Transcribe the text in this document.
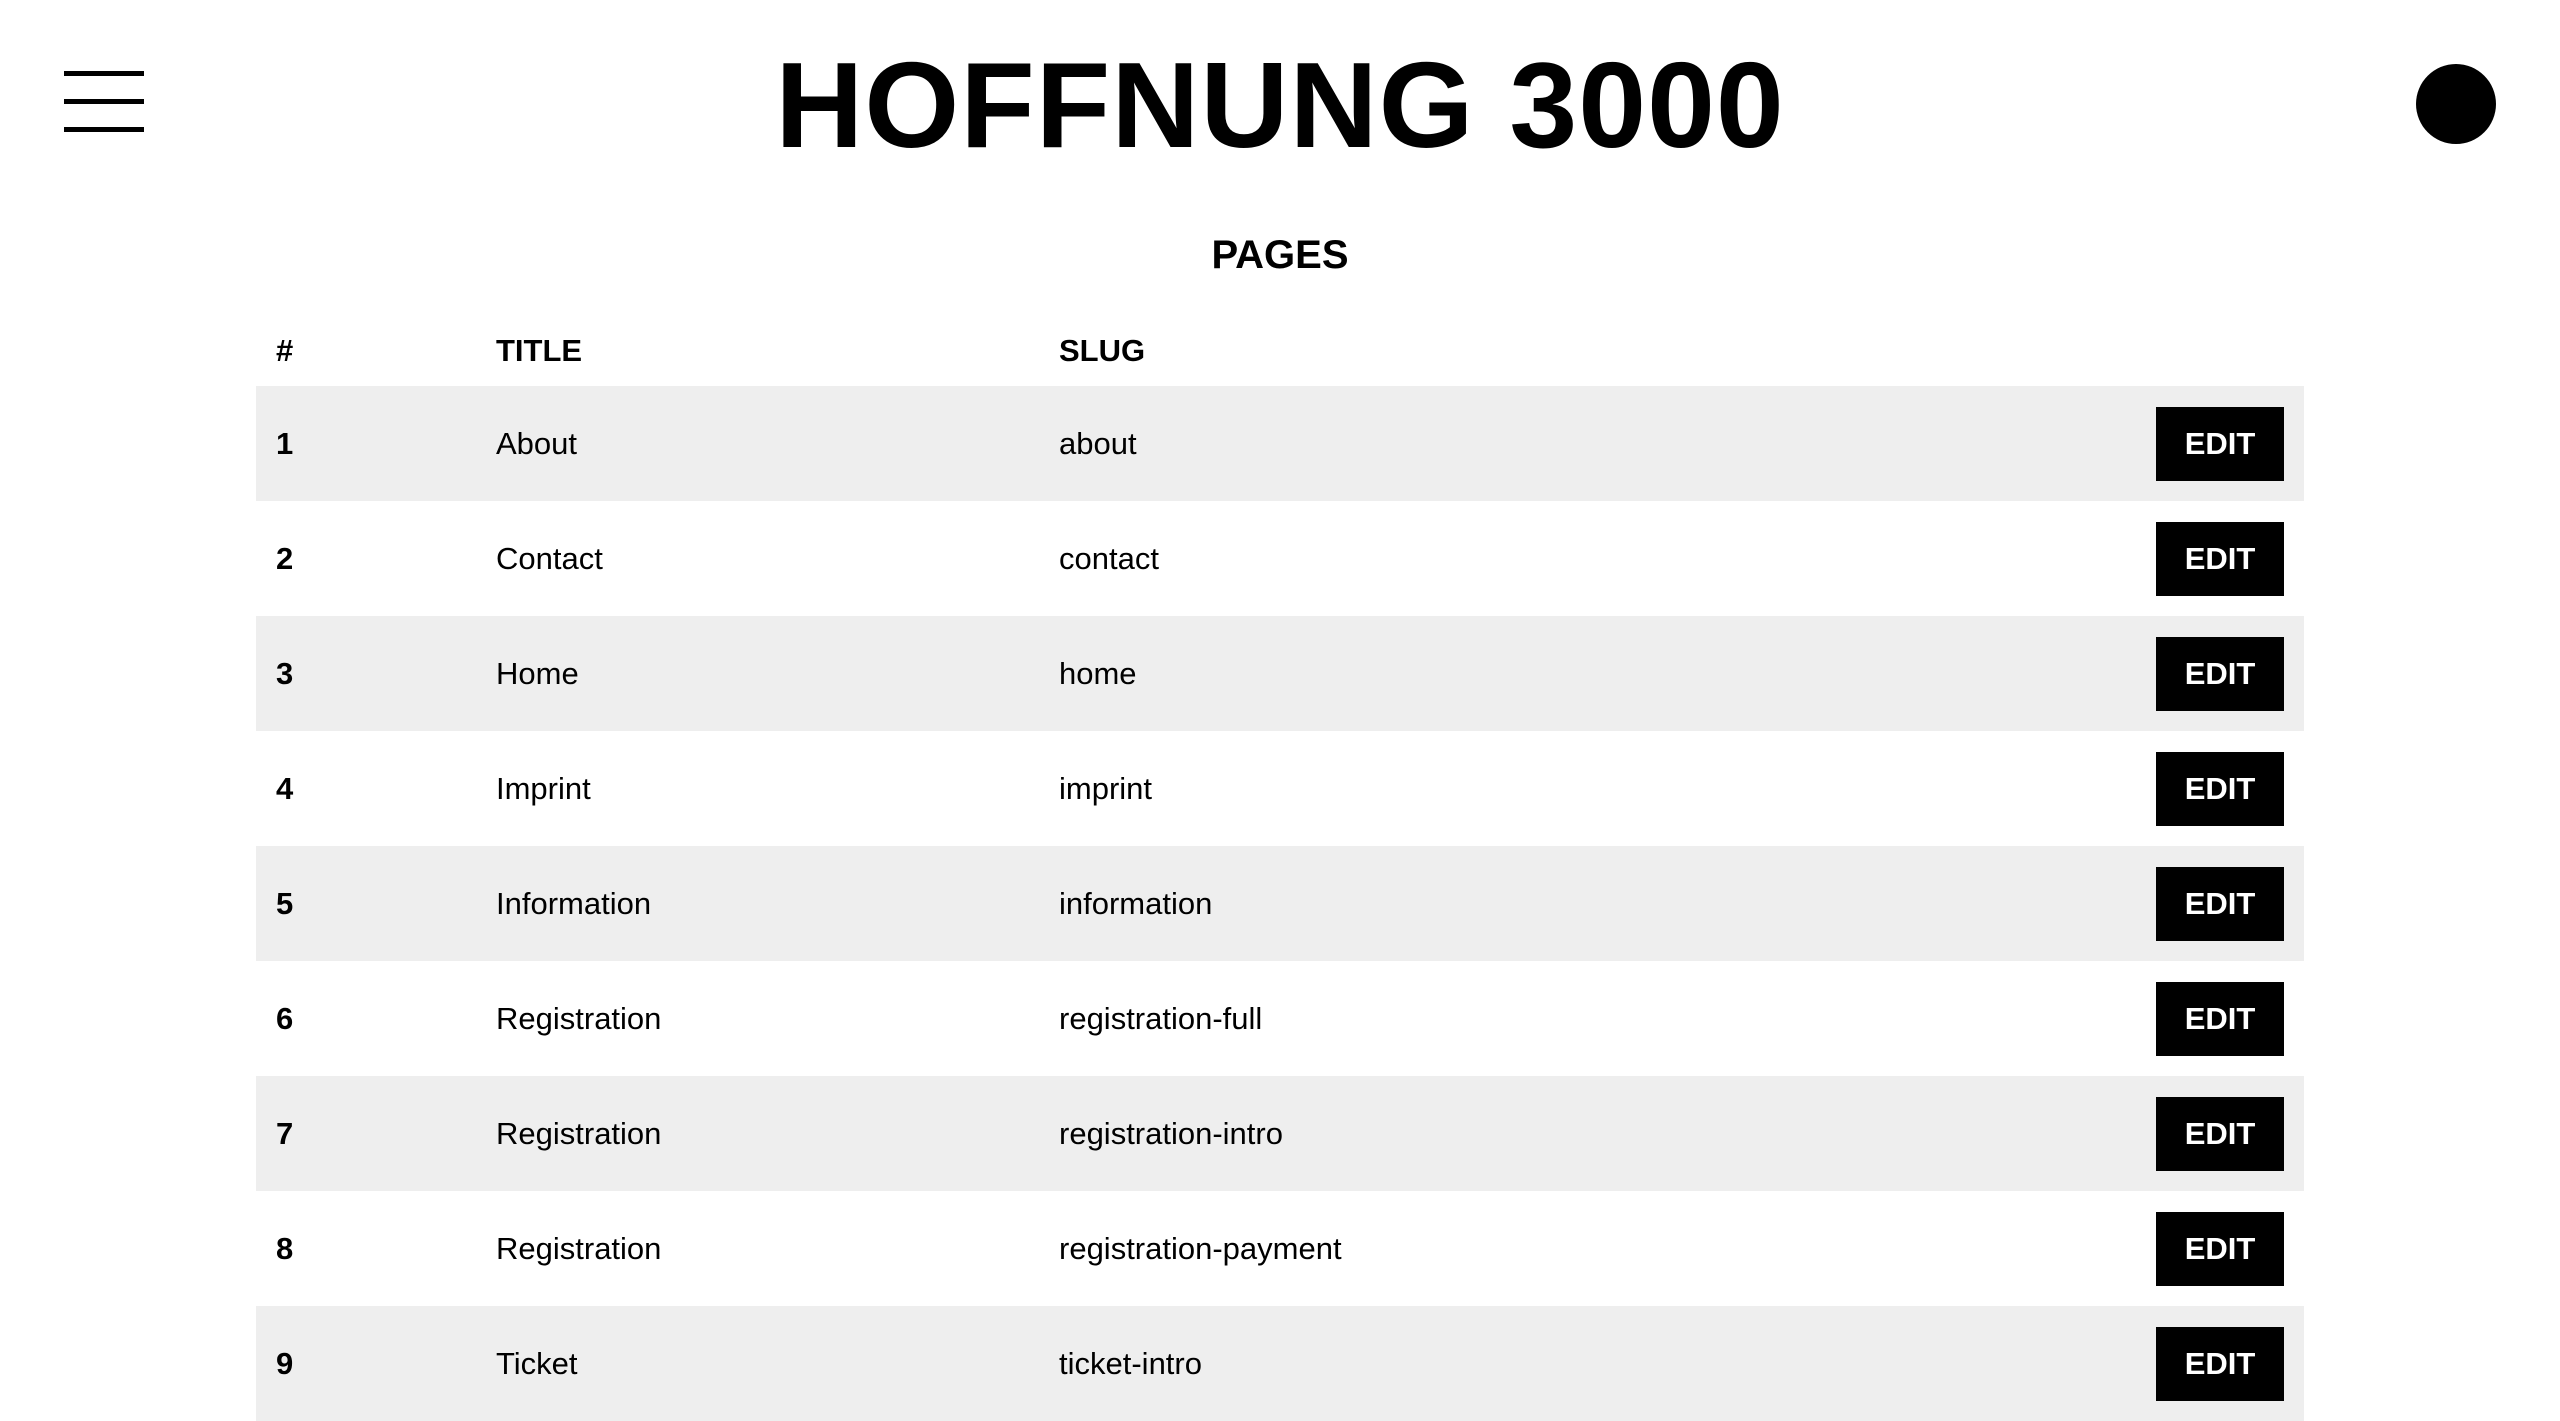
HOFFNUNG 3000
PAGES
#	TITLE	SLUG	
1	About	about	EDIT
2	Contact	contact	EDIT
3	Home	home	EDIT
4	Imprint	imprint	EDIT
5	Information	information	EDIT
6	Registration	registration-full	EDIT
7	Registration	registration-intro	EDIT
8	Registration	registration-payment	EDIT
9	Ticket	ticket-intro	EDIT
